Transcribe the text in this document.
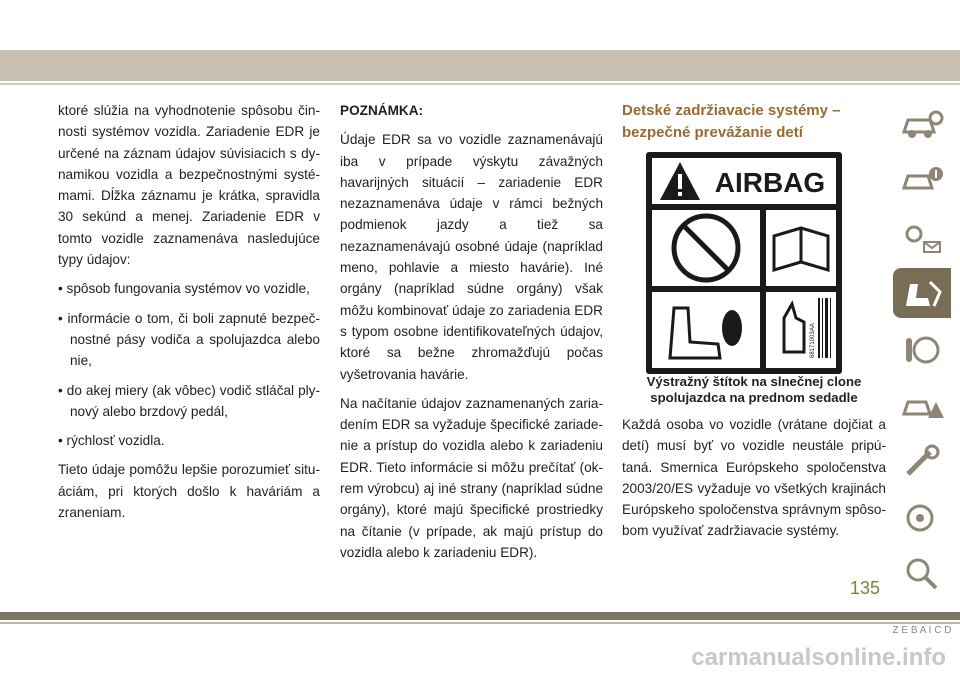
ktoré slúžia na vyhodnotenie spôsobu činnosti systémov vozidla. Zariadenie EDR je určené na záznam údajov súvisiacich s dynamikou vozidla a bezpečnostnými systémami. Dĺžka záznamu je krátka, spravidla 30 sekúnd a menej. Zariadenie EDR v tomto vozidle zaznamenáva nasledujúce typy údajov:

• spôsob fungovania systémov vo vozidle,

• informácie o tom, či boli zapnuté bezpečnostné pásy vodiča a spolujazdca alebo nie,

• do akej miery (ak vôbec) vodič stláčal plynový alebo brzdový pedál,

• rýchlosť vozidla.

Tieto údaje pomôžu lepšie porozumieť situáciám, pri ktorých došlo k haváriám a zraneniam.

POZNÁMKA:

Údaje EDR sa vo vozidle zaznamenávajú iba v prípade výskytu závažných havarijných situácií – zariadenie EDR nezaznamenáva údaje v rámci bežných podmienok jazdy a tiež sa nezaznamenávajú osobné údaje (napríklad meno, pohlavie a miesto havárie). Iné orgány (napríklad súdne orgány) však môžu kombinovať údaje zo zariadenia EDR s typom osobne identifikovateľných údajov, ktoré sa bežne zhromažďujú počas vyšetrovania havárie.

Na načítanie údajov zaznamenaných zariadením EDR sa vyžaduje špecifické zariadenie a prístup do vozidla alebo k zariadeniu EDR. Tieto informácie si môžu prečítať (okrem výrobcu) aj iné strany (napríklad súdne orgány), ktoré majú špecifické prostriedky na čítanie (v prípade, ak majú prístup do vozidla alebo k zariadeniu EDR).

Detské zadržiavacie systémy – bezpečné prevážanie detí

AIRBAG
68171003AA

Výstražný štítok na slnečnej clone spolujazdca na prednom sedadle

Každá osoba vo vozidle (vrátane dojčiat a detí) musí byť vo vozidle neustále pripútaná. Smernica Európskeho spoločenstva 2003/20/ES vyžaduje vo všetkých krajinách Európskeho spoločenstva správnym spôsobom využívať zadržiavacie systémy.

Z E B A I C D
135
carmanualsonline.info
